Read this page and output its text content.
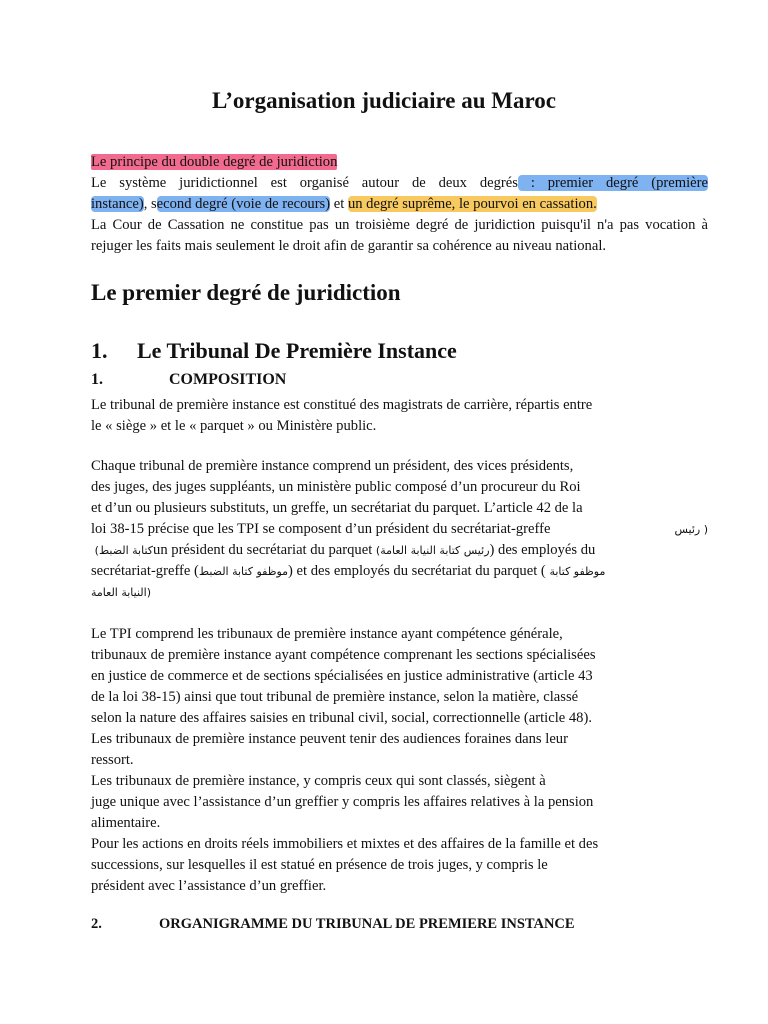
L’organisation judiciaire au Maroc
Le principe du double degré de juridiction
Le système juridictionnel est organisé autour de deux degrés : premier degré (première
instance), second degré (voie de recours) et un degré suprême, le pourvoi en cassation.
La Cour de Cassation ne constitue pas un troisième degré de juridiction puisqu'il n'a pas vocation à rejuger les faits mais seulement le droit afin de garantir sa cohérence au niveau national.
Le premier degré de juridiction
1. Le Tribunal De Première Instance
1.	COMPOSITION
Le tribunal de première instance est constitué des magistrats de carrière, répartis entre
le « siège » et le « parquet » ou Ministère public.
Chaque tribunal de première instance comprend un président, des vices présidents,
des juges, des juges suppléants, un ministère public composé d’un procureur du Roi
et d’un ou plusieurs substituts, un greffe, un secrétariat du parquet. L’article 42 de la
loi 38-15 précise que les TPI se composent d’un président du secrétariat-greffe	رئيس )
(كتابة الضبطun président du secrétariat du parquet (رئيس كتابة النيابة العامة) des employés du
secrétariat-greffe (موظفو كتابة الضبط) et des employés du secrétariat du parquet ( موظفو كتابة
النيابة العامة)
Le TPI comprend les tribunaux de première instance ayant compétence générale,
tribunaux de première instance ayant compétence comprenant les sections spécialisées
en justice de commerce et de sections spécialisées en justice administrative (article 43
de la loi 38-15) ainsi que tout tribunal de première instance, selon la matière, classé
selon la nature des affaires saisies en tribunal civil, social, correctionnelle (article 48).
Les tribunaux de première instance peuvent tenir des audiences foraines dans leur
ressort.
Les tribunaux de première instance, y compris ceux qui sont classés, siègent à
juge unique avec l’assistance d’un greffier y compris les affaires relatives à la pension
alimentaire.
Pour les actions en droits réels immobiliers et mixtes et des affaires de la famille et des
successions, sur lesquelles il est statué en présence de trois juges, y compris le
président avec l’assistance d’un greffier.
2.	ORGANIGRAMME DU TRIBUNAL DE PREMIERE INSTANCE
